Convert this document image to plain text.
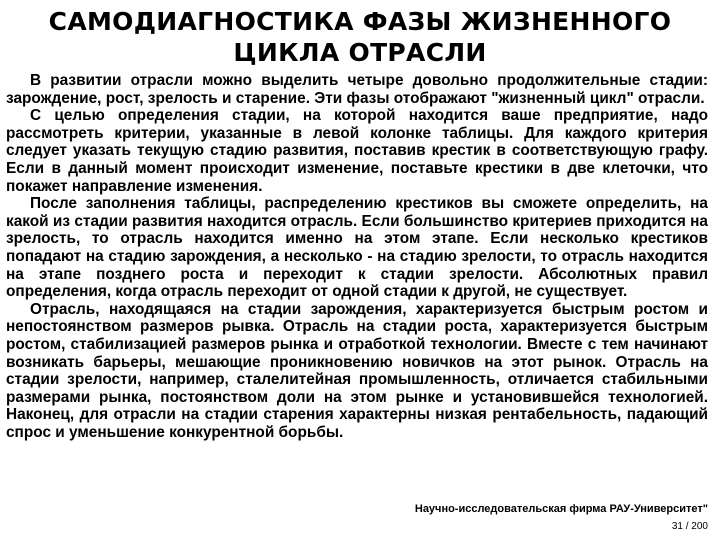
САМОДИАГНОСТИКА ФАЗЫ ЖИЗНЕННОГО
ЦИКЛА ОТРАСЛИ

В развитии отрасли можно выделить четыре довольно продолжительные стадии: зарождение, рост, зрелость и старение. Эти фазы отображают "жизненный цикл" отрасли.

С целью определения стадии, на которой находится ваше предприятие, надо рассмотреть критерии, указанные в левой колонке таблицы. Для каждого критерия следует указать текущую стадию развития, поставив крестик в соответствующую графу. Если в данный момент происходит изменение, поставьте крестики в две клеточки, что покажет направление изменения.

После заполнения таблицы, распределению крестиков вы сможете определить, на какой из стадии развития находится отрасль. Если большинство критериев приходится на зрелость, то отрасль находится именно на этом этапе. Если несколько крестиков попадают на стадию зарождения, а несколько - на стадию зрелости, то отрасль находится на этапе позднего роста и переходит к стадии зрелости. Абсолютных правил определения, когда отрасль переходит от одной стадии к другой, не существует.

Отрасль, находящаяся на стадии зарождения, характеризуется быстрым ростом и непостоянством размеров рывка. Отрасль на стадии роста, характеризуется быстрым ростом, стабилизацией размеров рынка и отработкой технологии. Вместе с тем начинают возникать барьеры, мешающие проникновению новичков на этот рынок. Отрасль на стадии зрелости, например, сталелитейная промышленность, отличается стабильными размерами рынка, постоянством доли на этом рынке и установившейся технологией. Наконец, для отрасли на стадии старения характерны низкая рентабельность, падающий спрос и уменьшение конкурентной борьбы.

Научно-исследовательская фирма РАУ-Университет"
31 / 200
